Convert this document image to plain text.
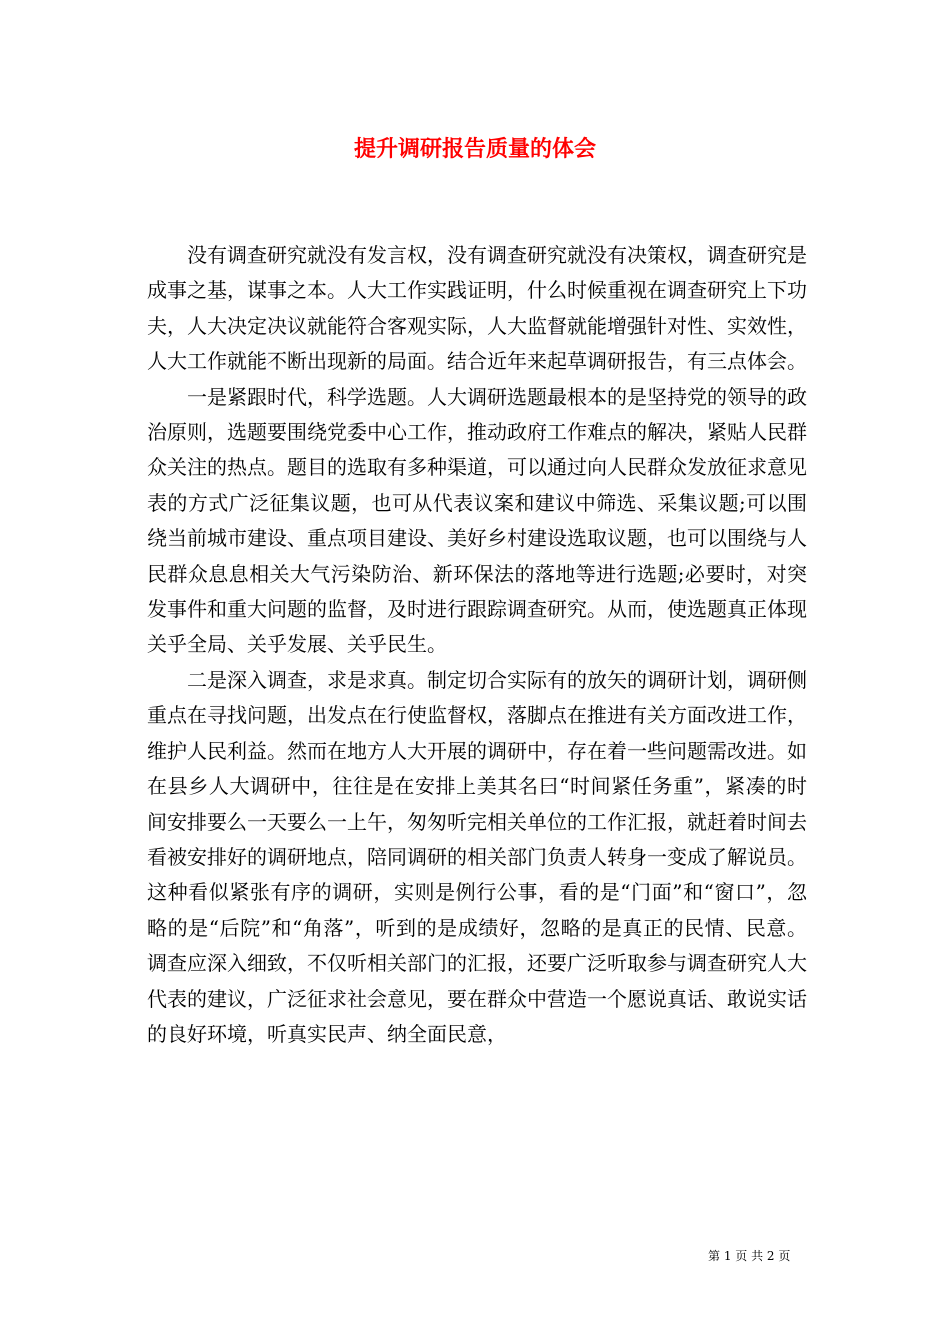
提升调研报告质量的体会

没有调查研究就没有发言权，没有调查研究就没有决策权，调查研究是成事之基，谋事之本。人大工作实践证明，什么时候重视在调查研究上下功夫，人大决定决议就能符合客观实际，人大监督就能增强针对性、实效性，人大工作就能不断出现新的局面。结合近年来起草调研报告，有三点体会。

一是紧跟时代，科学选题。人大调研选题最根本的是坚持党的领导的政治原则，选题要围绕党委中心工作，推动政府工作难点的解决，紧贴人民群众关注的热点。题目的选取有多种渠道，可以通过向人民群众发放征求意见表的方式广泛征集议题，也可从代表议案和建议中筛选、采集议题;可以围绕当前城市建设、重点项目建设、美好乡村建设选取议题，也可以围绕与人民群众息息相关大气污染防治、新环保法的落地等进行选题;必要时，对突发事件和重大问题的监督，及时进行跟踪调查研究。从而，使选题真正体现关乎全局、关乎发展、关乎民生。

二是深入调查，求是求真。制定切合实际有的放矢的调研计划，调研侧重点在寻找问题，出发点在行使监督权，落脚点在推进有关方面改进工作，维护人民利益。然而在地方人大开展的调研中，存在着一些问题需改进。如在县乡人大调研中，往往是在安排上美其名曰“时间紧任务重”，紧凑的时间安排要么一天要么一上午，匆匆听完相关单位的工作汇报，就赶着时间去看被安排好的调研地点，陪同调研的相关部门负责人转身一变成了解说员。这种看似紧张有序的调研，实则是例行公事，看的是“门面”和“窗口”，忽略的是“后院”和“角落”，听到的是成绩好，忽略的是真正的民情、民意。调查应深入细致，不仅听相关部门的汇报，还要广泛听取参与调查研究人大代表的建议，广泛征求社会意见，要在群众中营造一个愿说真话、敢说实话的良好环境，听真实民声、纳全面民意，

第 1 页 共 2 页
